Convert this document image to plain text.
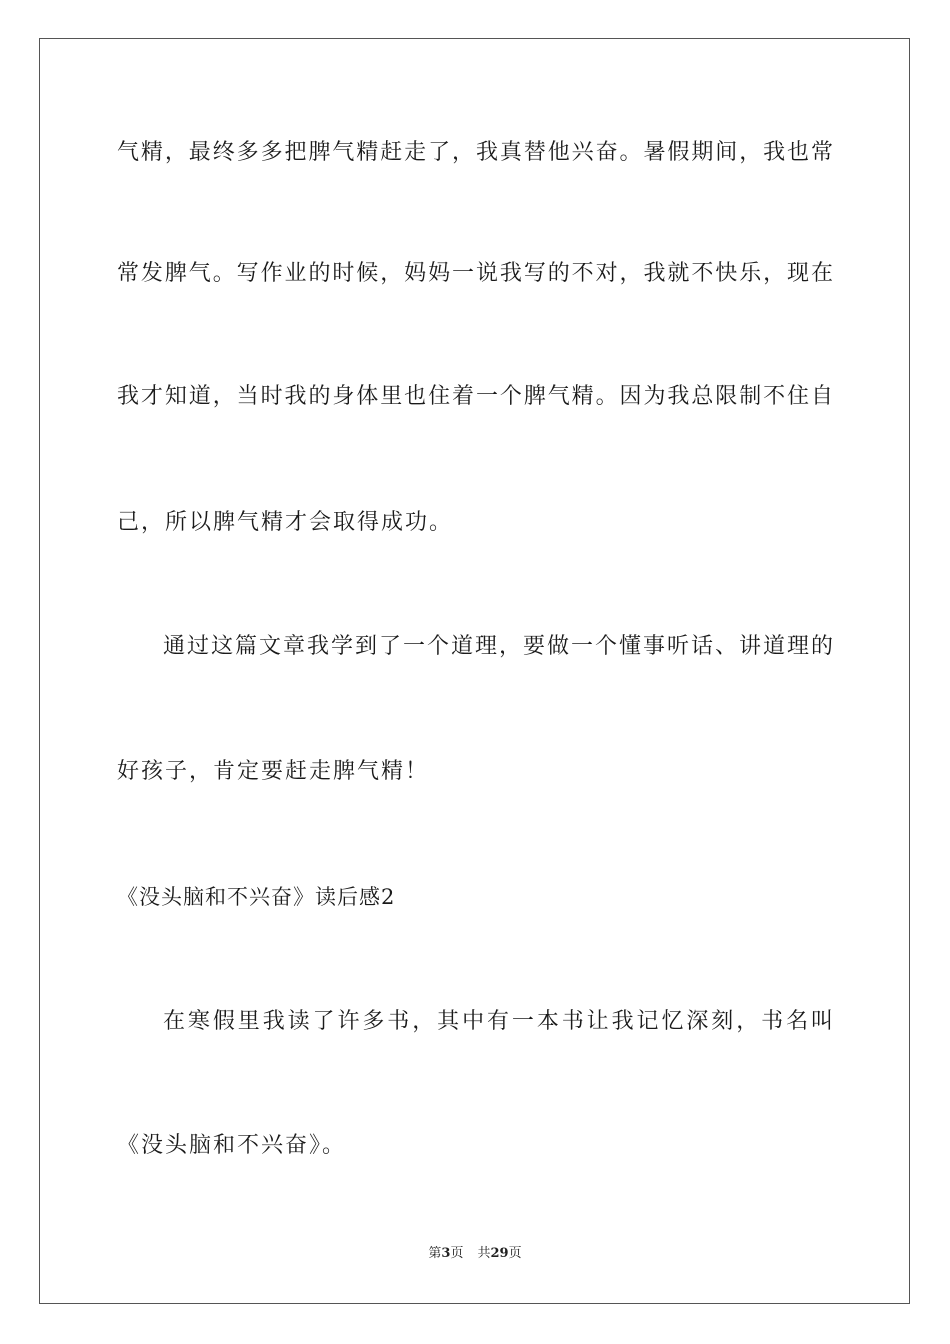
气精，最终多多把脾气精赶走了，我真替他兴奋。暑假期间，我也常
常发脾气。写作业的时候，妈妈一说我写的不对，我就不快乐，现在
我才知道，当时我的身体里也住着一个脾气精。因为我总限制不住自
己，所以脾气精才会取得成功。
通过这篇文章我学到了一个道理，要做一个懂事听话、讲道理的
好孩子，肯定要赶走脾气精！
《没头脑和不兴奋》读后感2
在寒假里我读了许多书，其中有一本书让我记忆深刻，书名叫
《没头脑和不兴奋》。
第3页 共29页
